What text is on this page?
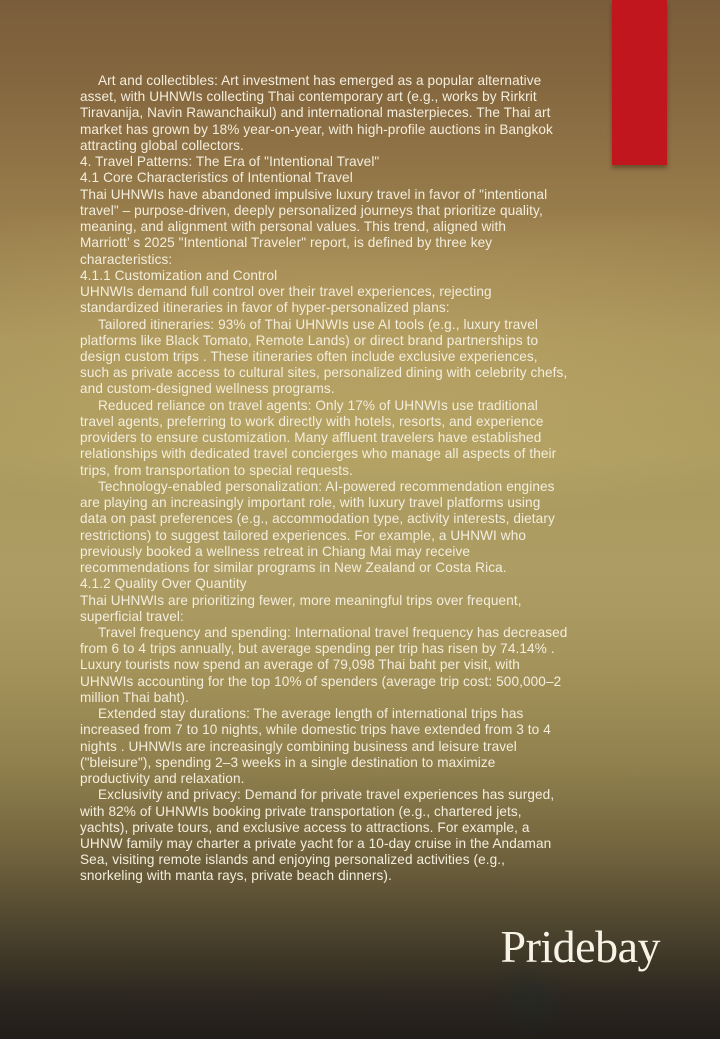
Art and collectibles: Art investment has emerged as a popular alternative
asset, with UHNWIs collecting Thai contemporary art (e.g., works by Rirkrit
Tiravanija, Navin Rawanchaikul) and international masterpieces. The Thai art
market has grown by 18% year-on-year, with high-profile auctions in Bangkok
attracting global collectors.
4. Travel Patterns: The Era of "Intentional Travel"
4.1 Core Characteristics of Intentional Travel
Thai UHNWIs have abandoned impulsive luxury travel in favor of "intentional
travel" – purpose-driven, deeply personalized journeys that prioritize quality,
meaning, and alignment with personal values. This trend, aligned with
Marriott’ s 2025 "Intentional Traveler" report, is defined by three key
characteristics:
4.1.1 Customization and Control
UHNWIs demand full control over their travel experiences, rejecting
standardized itineraries in favor of hyper-personalized plans:
Tailored itineraries: 93% of Thai UHNWIs use AI tools (e.g., luxury travel
platforms like Black Tomato, Remote Lands) or direct brand partnerships to
design custom trips . These itineraries often include exclusive experiences,
such as private access to cultural sites, personalized dining with celebrity chefs,
and custom-designed wellness programs.
Reduced reliance on travel agents: Only 17% of UHNWIs use traditional
travel agents, preferring to work directly with hotels, resorts, and experience
providers to ensure customization. Many affluent travelers have established
relationships with dedicated travel concierges who manage all aspects of their
trips, from transportation to special requests.
Technology-enabled personalization: AI-powered recommendation engines
are playing an increasingly important role, with luxury travel platforms using
data on past preferences (e.g., accommodation type, activity interests, dietary
restrictions) to suggest tailored experiences. For example, a UHNWI who
previously booked a wellness retreat in Chiang Mai may receive
recommendations for similar programs in New Zealand or Costa Rica.
4.1.2 Quality Over Quantity
Thai UHNWIs are prioritizing fewer, more meaningful trips over frequent,
superficial travel:
Travel frequency and spending: International travel frequency has decreased
from 6 to 4 trips annually, but average spending per trip has risen by 74.14% .
Luxury tourists now spend an average of 79,098 Thai baht per visit, with
UHNWIs accounting for the top 10% of spenders (average trip cost: 500,000–2
million Thai baht).
Extended stay durations: The average length of international trips has
increased from 7 to 10 nights, while domestic trips have extended from 3 to 4
nights . UHNWIs are increasingly combining business and leisure travel
("bleisure"), spending 2–3 weeks in a single destination to maximize
productivity and relaxation.
Exclusivity and privacy: Demand for private travel experiences has surged,
with 82% of UHNWIs booking private transportation (e.g., chartered jets,
yachts), private tours, and exclusive access to attractions. For example, a
UHNW family may charter a private yacht for a 10-day cruise in the Andaman
Sea, visiting remote islands and enjoying personalized activities (e.g.,
snorkeling with manta rays, private beach dinners).
Pridebay
